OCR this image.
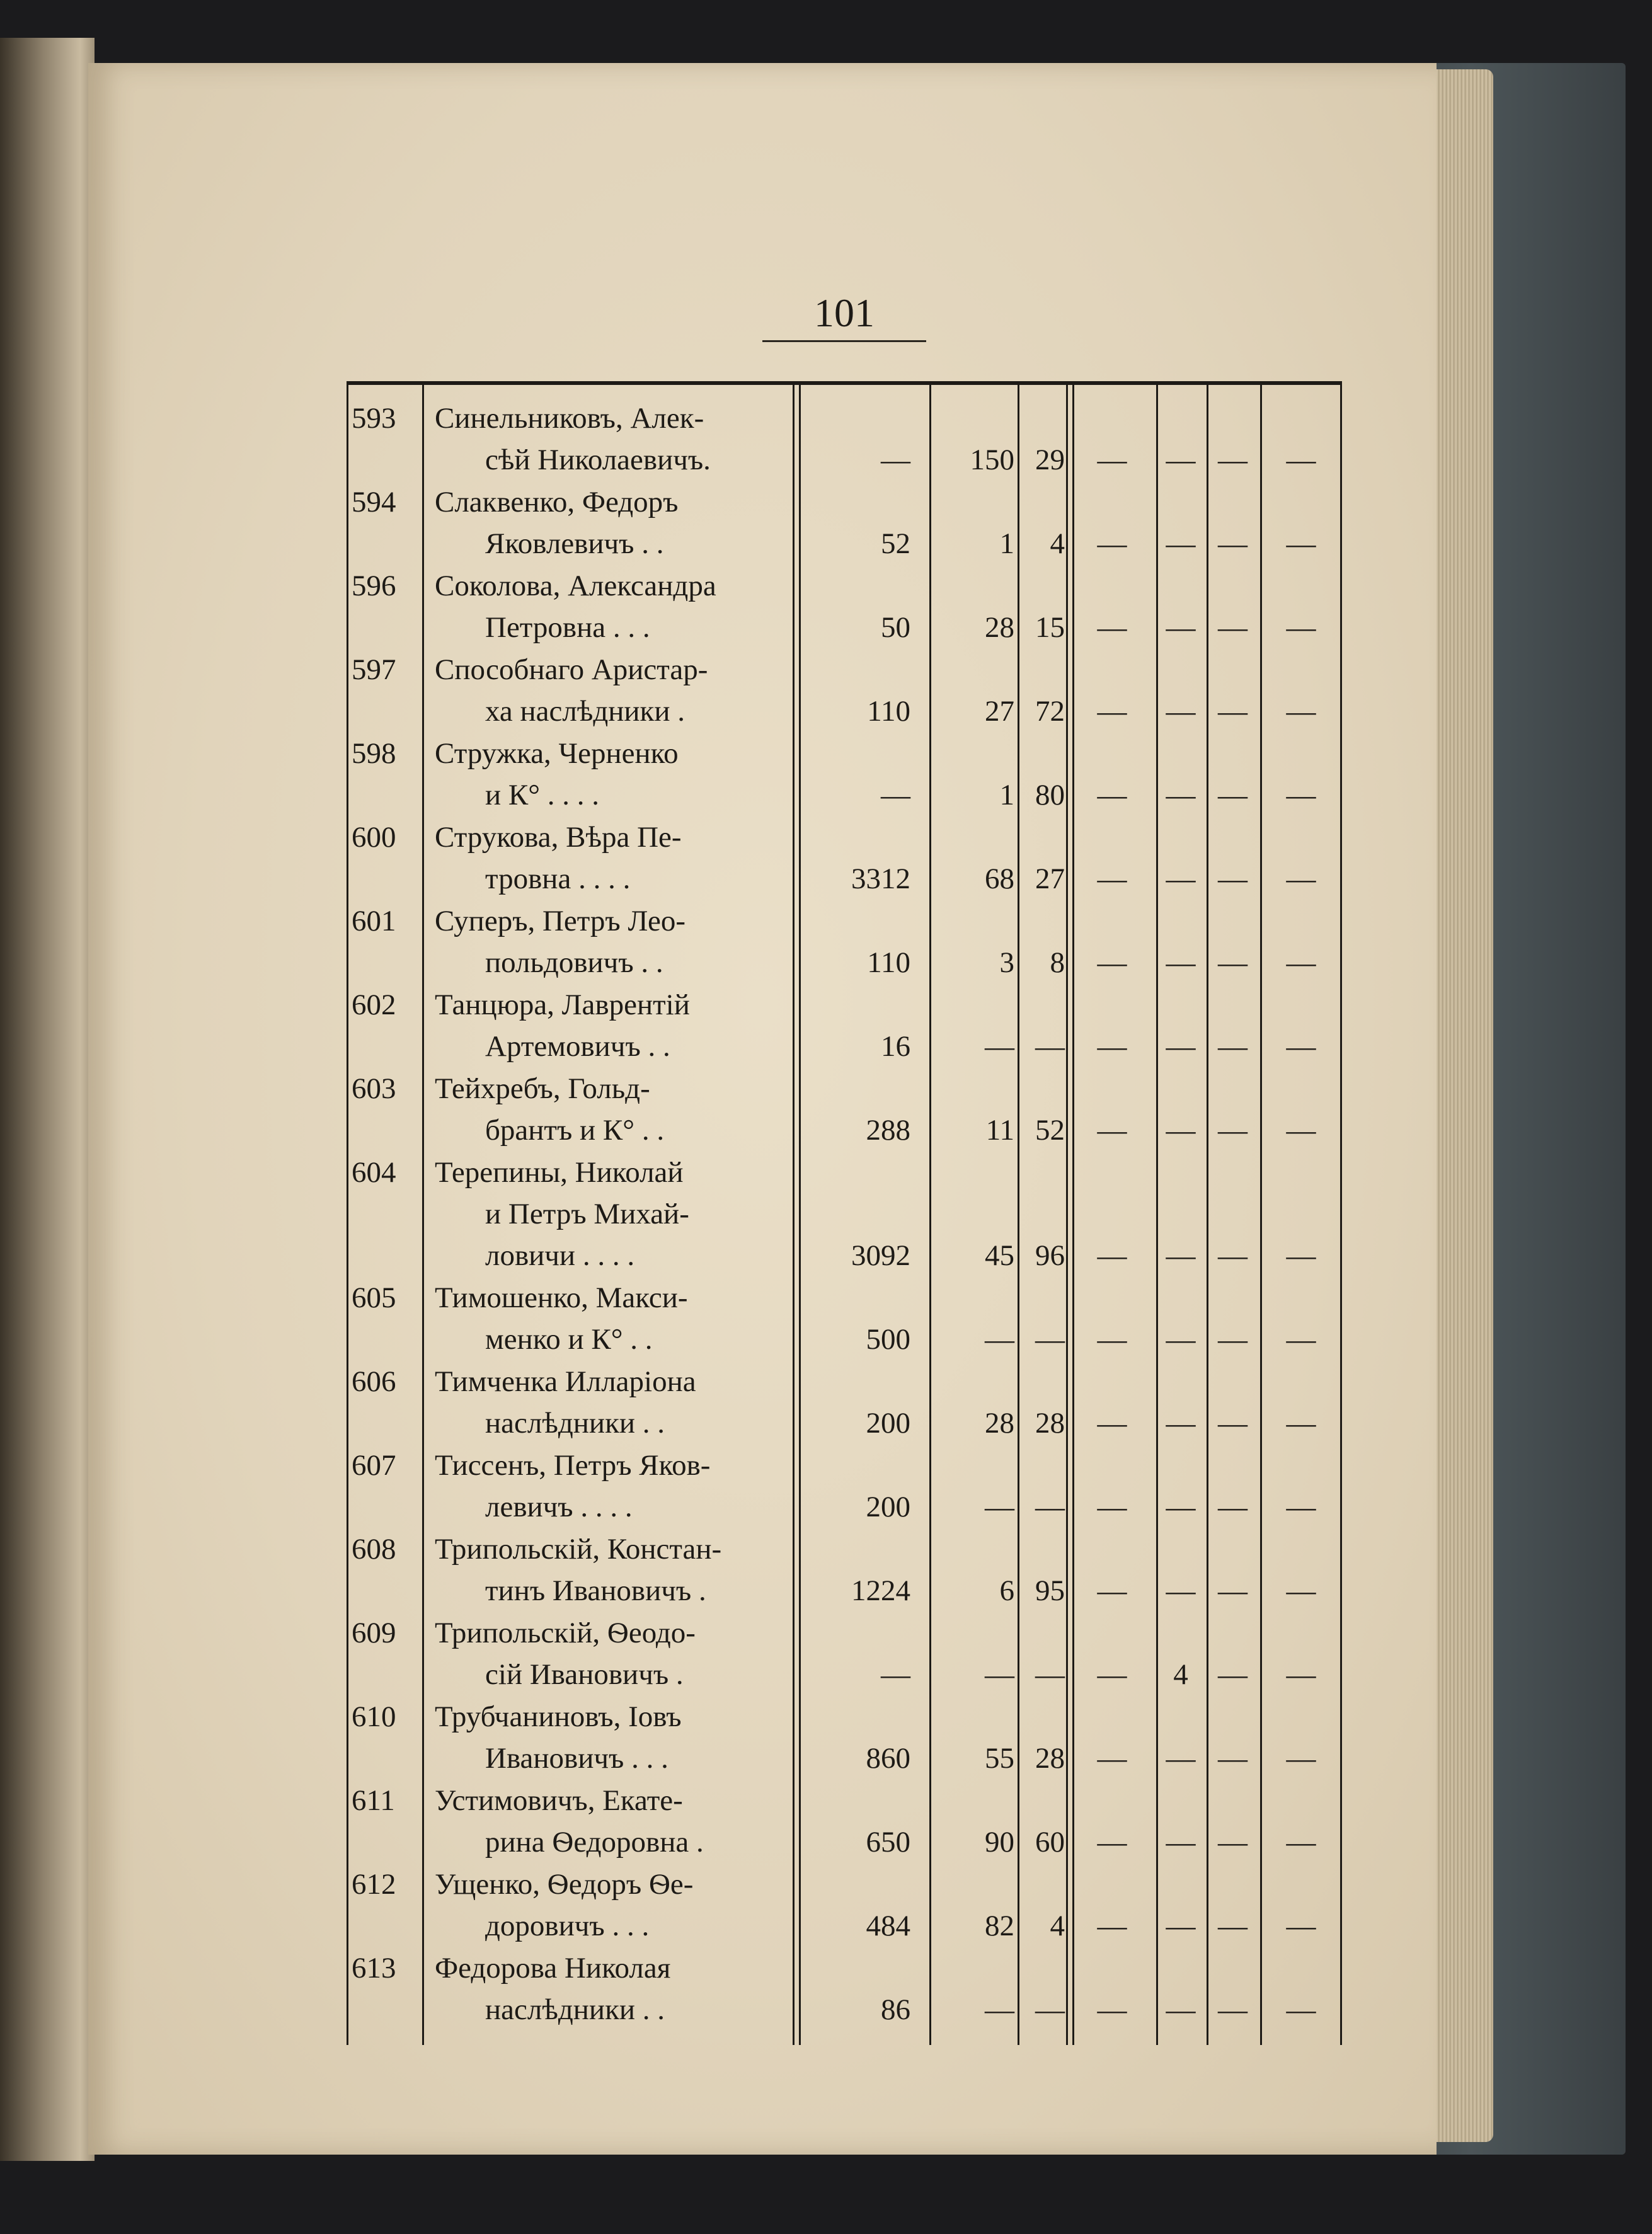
101
593 Синельниковъ, Алек-
сѣй Николаевичъ.	—	150 29	—	— —	—
594 Слаквенко, Федоръ
Яковлевичъ . .	52	1	4	—	— —	—
596 Соколова, Александра
Петровна . . .	50	28 15	—	— —	—
597 Способнаго Аристар-
ха наслѣдники .	110	27 72	—	— —	—
598 Стружка, Черненко
и К° . . . .	—	1 80	—	— —	—
600 Струкова, Вѣра Пе-
тровна . . . .	3312	68 27	—	— —	—
601 Суперъ, Петръ Лео-
польдовичъ . .	110	3	8	—	— —	—
602 Танцюра, Лаврентій
Артемовичъ . .	16	— —	—	— —	—
603 Тейхребъ, Гольд-
брантъ и К° . .	288	11 52	—	— —	—
604 Терепины, Николай
и Петръ Михай-
ловичи . . . .	3092	45 96	—	— —	—
605 Тимошенко, Макси-
менко и К° . .	500	— —	—	— —	—
606 Тимченка Илларіона
наслѣдники . .	200	28 28	—	— —	—
607 Тиссенъ, Петръ Яков-
левичъ . . . .	200	— —	—	— —	—
608 Трипольскій, Констан-
тинъ Ивановичъ .	1224	6 95	—	— —	—
609 Трипольскій, Ѳеодо-
сій Ивановичъ .	—	— —	—	4	—	—
610 Трубчаниновъ, Іовъ
Ивановичъ . . .	860	55 28	—	— —	—
611 Устимовичъ, Екате-
рина Ѳедоровна .	650	90 60	—	— —	—
612 Ущенко, Ѳедоръ Ѳе-
доровичъ . . .	484	82	4	—	— —	—
613 Федорова Николая
наслѣдники . .	86	— —	—	— —	—
